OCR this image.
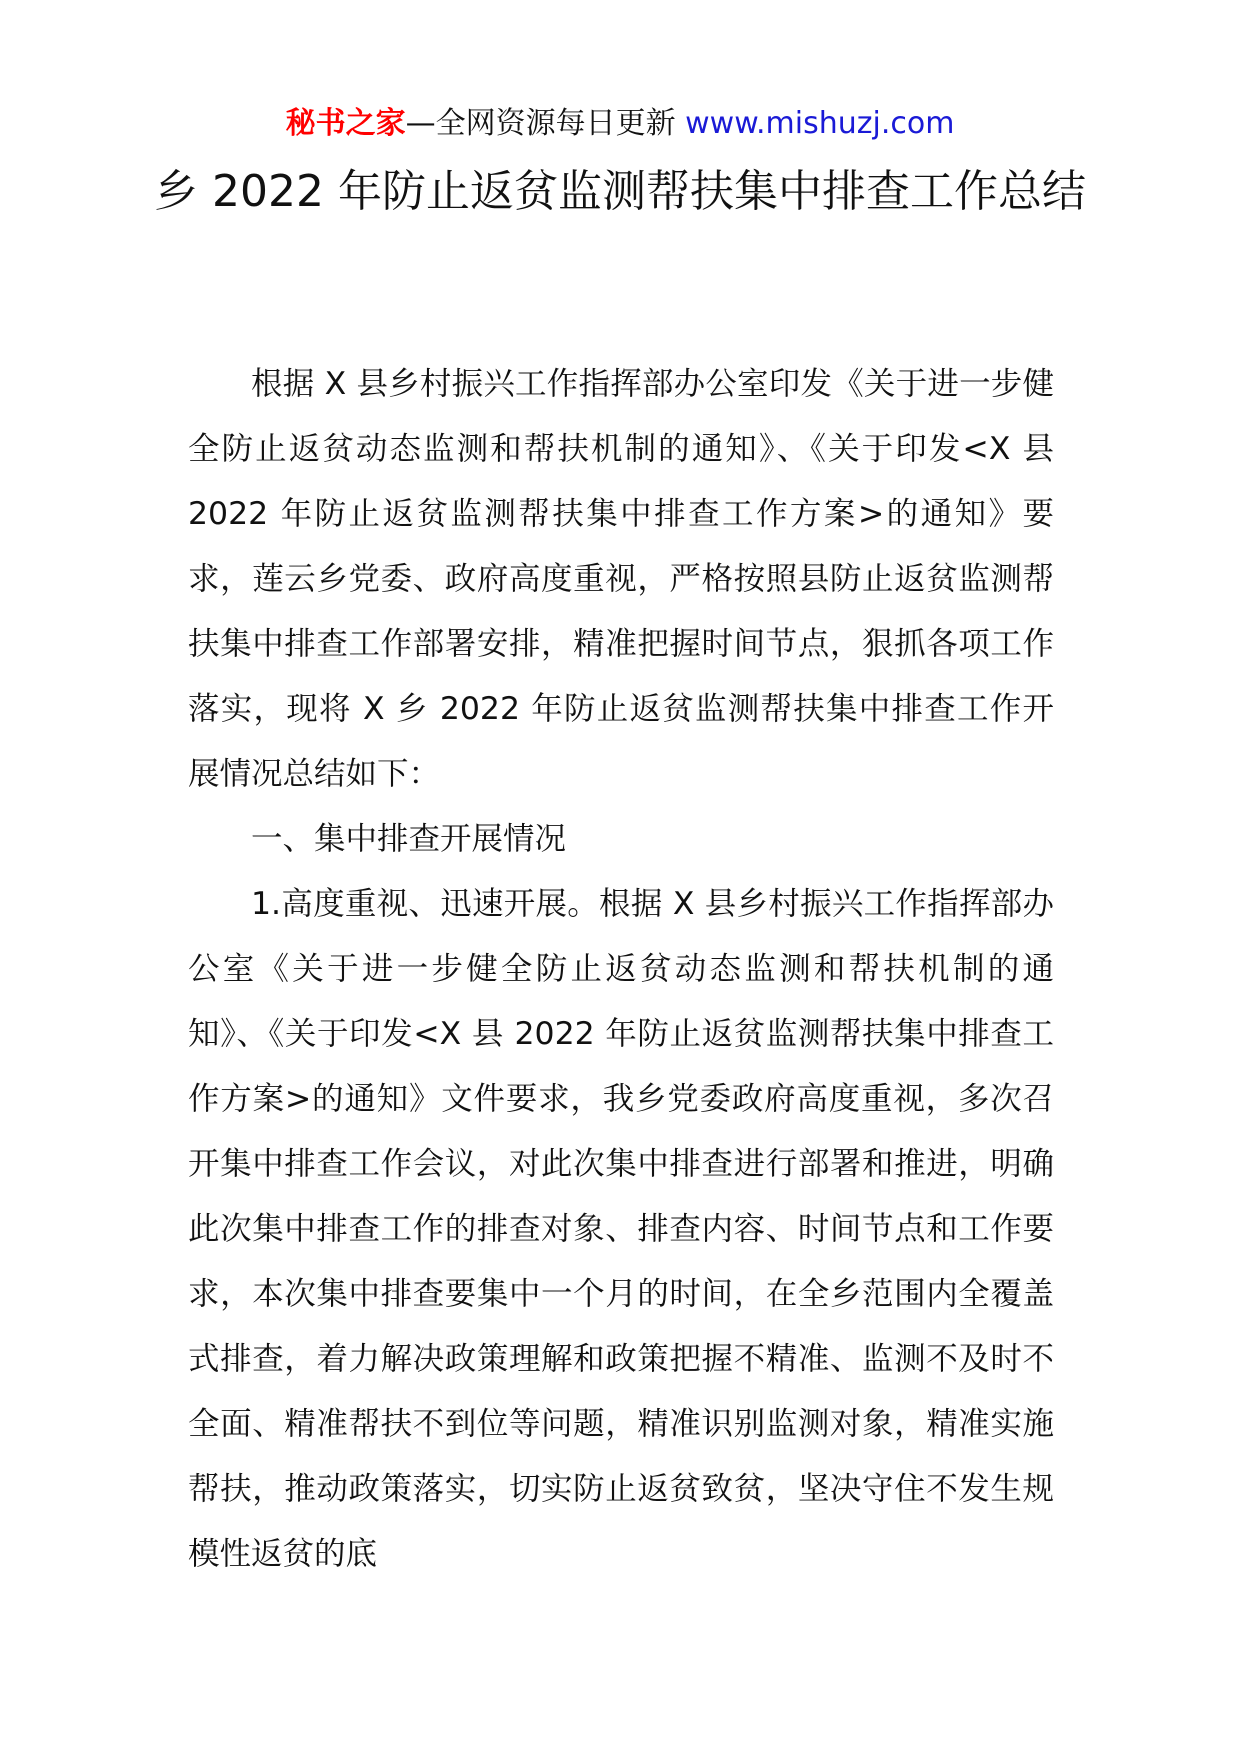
秘书之家—全网资源每日更新 www.mishuzj.com
乡 2022 年防止返贫监测帮扶集中排查工作总结

根据 X 县乡村振兴工作指挥部办公室印发《关于进一步健全防止返贫动态监测和帮扶机制的通知》、《关于印发<X 县 2022 年防止返贫监测帮扶集中排查工作方案>的通知》要求，莲云乡党委、政府高度重视，严格按照县防止返贫监测帮扶集中排查工作部署安排，精准把握时间节点，狠抓各项工作落实，现将 X 乡 2022 年防止返贫监测帮扶集中排查工作开展情况总结如下：

一、集中排查开展情况

1.高度重视、迅速开展。根据 X 县乡村振兴工作指挥部办公室《关于进一步健全防止返贫动态监测和帮扶机制的通知》、《关于印发<X 县 2022 年防止返贫监测帮扶集中排查工作方案>的通知》文件要求，我乡党委政府高度重视，多次召开集中排查工作会议，对此次集中排查进行部署和推进，明确此次集中排查工作的排查对象、排查内容、时间节点和工作要求，本次集中排查要集中一个月的时间，在全乡范围内全覆盖式排查，着力解决政策理解和政策把握不精准、监测不及时不全面、精准帮扶不到位等问题，精准识别监测对象，精准实施帮扶，推动政策落实，切实防止返贫致贫，坚决守住不发生规模性返贫的底
